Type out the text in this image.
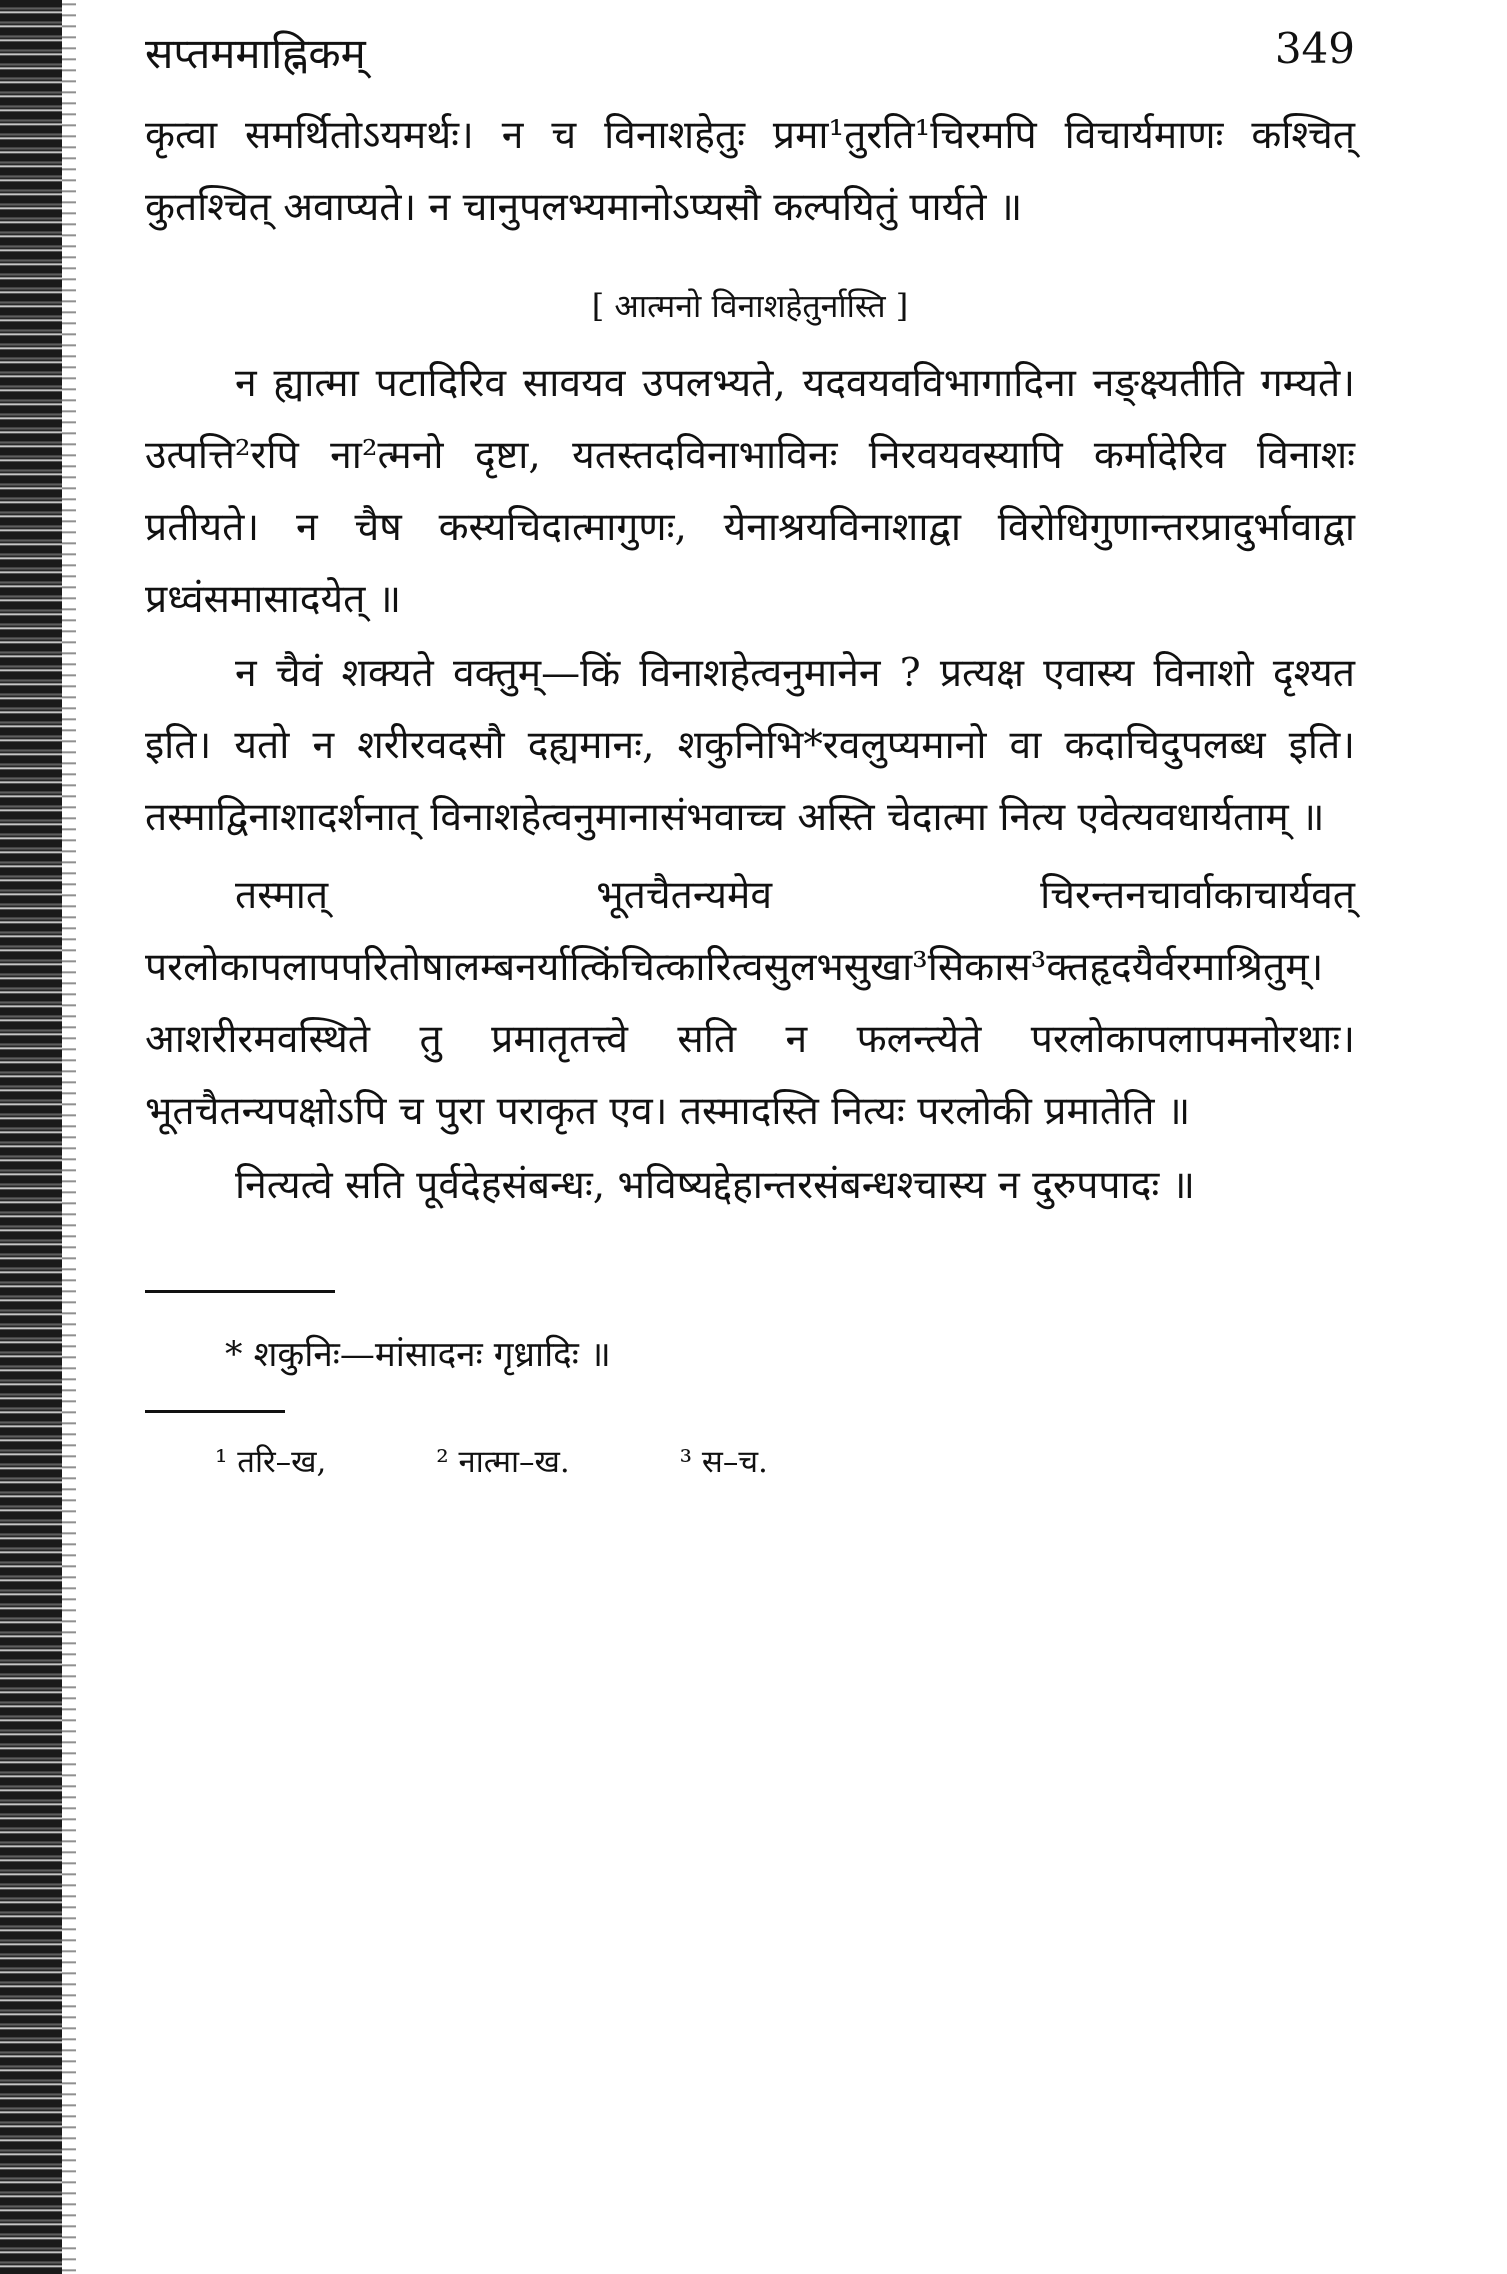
सप्तममाह्निकम्	349

कृत्वा समर्थितोऽयमर्थः। न च विनाशहेतुः प्रमा¹तुरति¹चिरमपि विचार्यमाणः कश्चित् कुतश्चित् अवाप्यते। न चानुपलभ्यमानोऽप्यसौ कल्पयितुं पार्यते ॥

[ आत्मनो विनाशहेतुर्नास्ति ]

न ह्यात्मा पटादिरिव सावयव उपलभ्यते, यदवयवविभागादिना नङ्क्ष्यतीति गम्यते। उत्पत्ति²रपि ना²त्मनो दृष्टा, यतस्तदविनाभाविनः निरवयवस्यापि कर्मादेरिव विनाशः प्रतीयते। न चैष कस्यचिदात्मागुणः, येनाश्रयविनाशाद्वा विरोधिगुणान्तरप्रादुर्भावाद्वा प्रध्वंसमासादयेत् ॥

न चैवं शक्यते वक्तुम्—किं विनाशहेत्वनुमानेन ? प्रत्यक्ष एवास्य विनाशो दृश्यत इति। यतो न शरीरवदसौ दह्यमानः, शकुनिभि*रवलुप्यमानो वा कदाचिदुपलब्ध इति। तस्माद्विनाशादर्शनात् विनाशहेत्वनुमानासंभवाच्च अस्ति चेदात्मा नित्य एवेत्यवधार्यताम् ॥

तस्मात् भूतचैतन्यमेव चिरन्तनचार्वाकाचार्यवत् परलोकापलापपरितोषालम्बनर्यात्किंचित्कारित्वसुलभसुखा³सिकास³क्तहृदयैर्वरमाश्रितुम्। आशरीरमवस्थिते तु प्रमातृतत्त्वे सति न फलन्त्येते परलोकापलापमनोरथाः। भूतचैतन्यपक्षोऽपि च पुरा पराकृत एव। तस्मादस्ति नित्यः परलोकी प्रमातेति ॥

नित्यत्वे सति पूर्वदेहसंबन्धः, भविष्यद्देहान्तरसंबन्धश्चास्य न दुरुपपादः ॥

* शकुनिः—मांसादनः गृध्रादिः ॥
¹ तरि–ख,	² नात्मा–ख.	³ स–च.
